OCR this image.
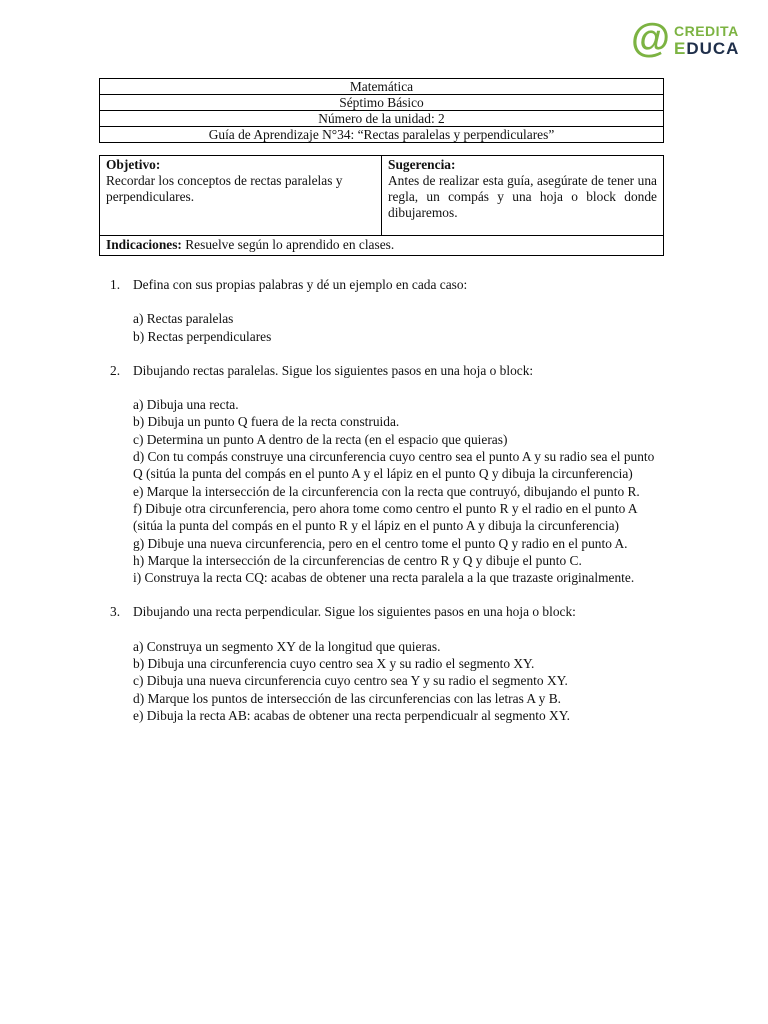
@ CREDITA
EDUCA
Matemática
Séptimo Básico
Número de la unidad: 2
Guía de Aprendizaje N°34: “Rectas paralelas y perpendiculares”
Objetivo:
Recordar los conceptos de rectas paralelas y perpendiculares.

Sugerencia:
Antes de realizar esta guía, asegúrate de tener una regla, un compás y una hoja o block donde dibujaremos.

Indicaciones: Resuelve según lo aprendido en clases.
1. Defina con sus propias palabras y dé un ejemplo en cada caso:
a) Rectas paralelas
b) Rectas perpendiculares
2. Dibujando rectas paralelas. Sigue los siguientes pasos en una hoja o block:
a) Dibuja una recta.
b) Dibuja un punto Q fuera de la recta construida.
c) Determina un punto A dentro de la recta (en el espacio que quieras)
d) Con tu compás construye una circunferencia cuyo centro sea el punto A y su radio sea el punto Q (sitúa la punta del compás en el punto A y el lápiz en el punto Q y dibuja la circunferencia)
e) Marque la intersección de la circunferencia con la recta que contruyó, dibujando el punto R.
f) Dibuje otra circunferencia, pero ahora tome como centro el punto R y el radio en el punto A (sitúa la punta del compás en el punto R y el lápiz en el punto A y dibuja la circunferencia)
g) Dibuje una nueva circunferencia, pero en el centro tome el punto Q y radio en el punto A.
h) Marque la intersección de la circunferencias de centro R y Q y dibuje el punto C.
i) Construya la recta CQ: acabas de obtener una recta paralela a la que trazaste originalmente.
3. Dibujando una recta perpendicular. Sigue los siguientes pasos en una hoja o block:
a) Construya un segmento XY de la longitud que quieras.
b) Dibuja una circunferencia cuyo centro sea X y su radio el segmento XY.
c) Dibuja una nueva circunferencia cuyo centro sea Y y su radio el segmento XY.
d) Marque los puntos de intersección de las circunferencias con las letras A y B.
e) Dibuja la recta AB: acabas de obtener una recta perpendicualr al segmento XY.
